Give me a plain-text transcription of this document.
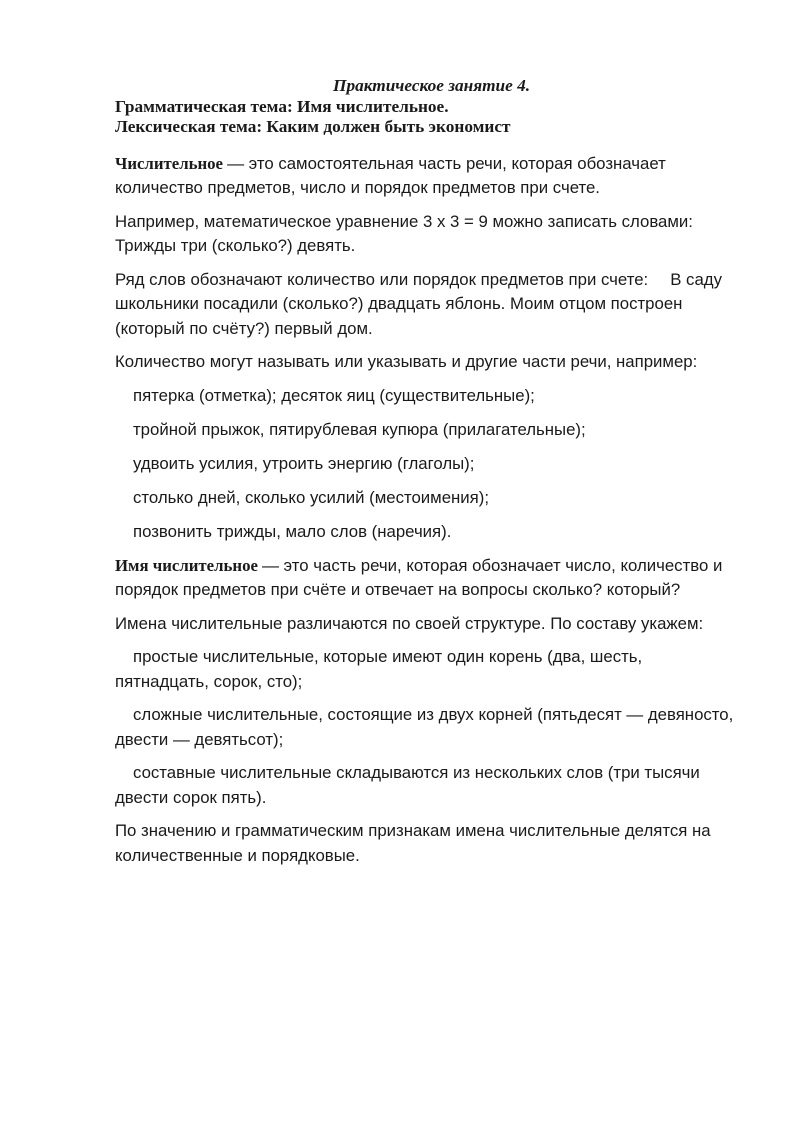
Практическое занятие 4.
Грамматическая тема: Имя числительное.
Лексическая тема: Каким должен быть экономист

Числительное — это самостоятельная часть речи, которая обозначает количество предметов, число и порядок предметов при счете.

Например, математическое уравнение 3 х 3 = 9 можно записать словами: Трижды три (сколько?) девять.

Ряд слов обозначают количество или порядок предметов при счете: В саду школьники посадили (сколько?) двадцать яблонь. Моим отцом построен (который по счёту?) первый дом.

Количество могут называть или указывать и другие части речи, например:

пятерка (отметка); десяток яиц (существительные);

тройной прыжок, пятирублевая купюра (прилагательные);

удвоить усилия, утроить энергию (глаголы);

столько дней, сколько усилий (местоимения);

позвонить трижды, мало слов (наречия).

Имя числительное — это часть речи, которая обозначает число, количество и порядок предметов при счёте и отвечает на вопросы сколько? который?

Имена числительные различаются по своей структуре. По составу укажем:

простые числительные, которые имеют один корень (два, шесть, пятнадцать, сорок, сто);

сложные числительные, состоящие из двух корней (пятьдесят — девяносто, двести — девятьсот);

составные числительные складываются из нескольких слов (три тысячи двести сорок пять).

По значению и грамматическим признакам имена числительные делятся на количественные и порядковые.
